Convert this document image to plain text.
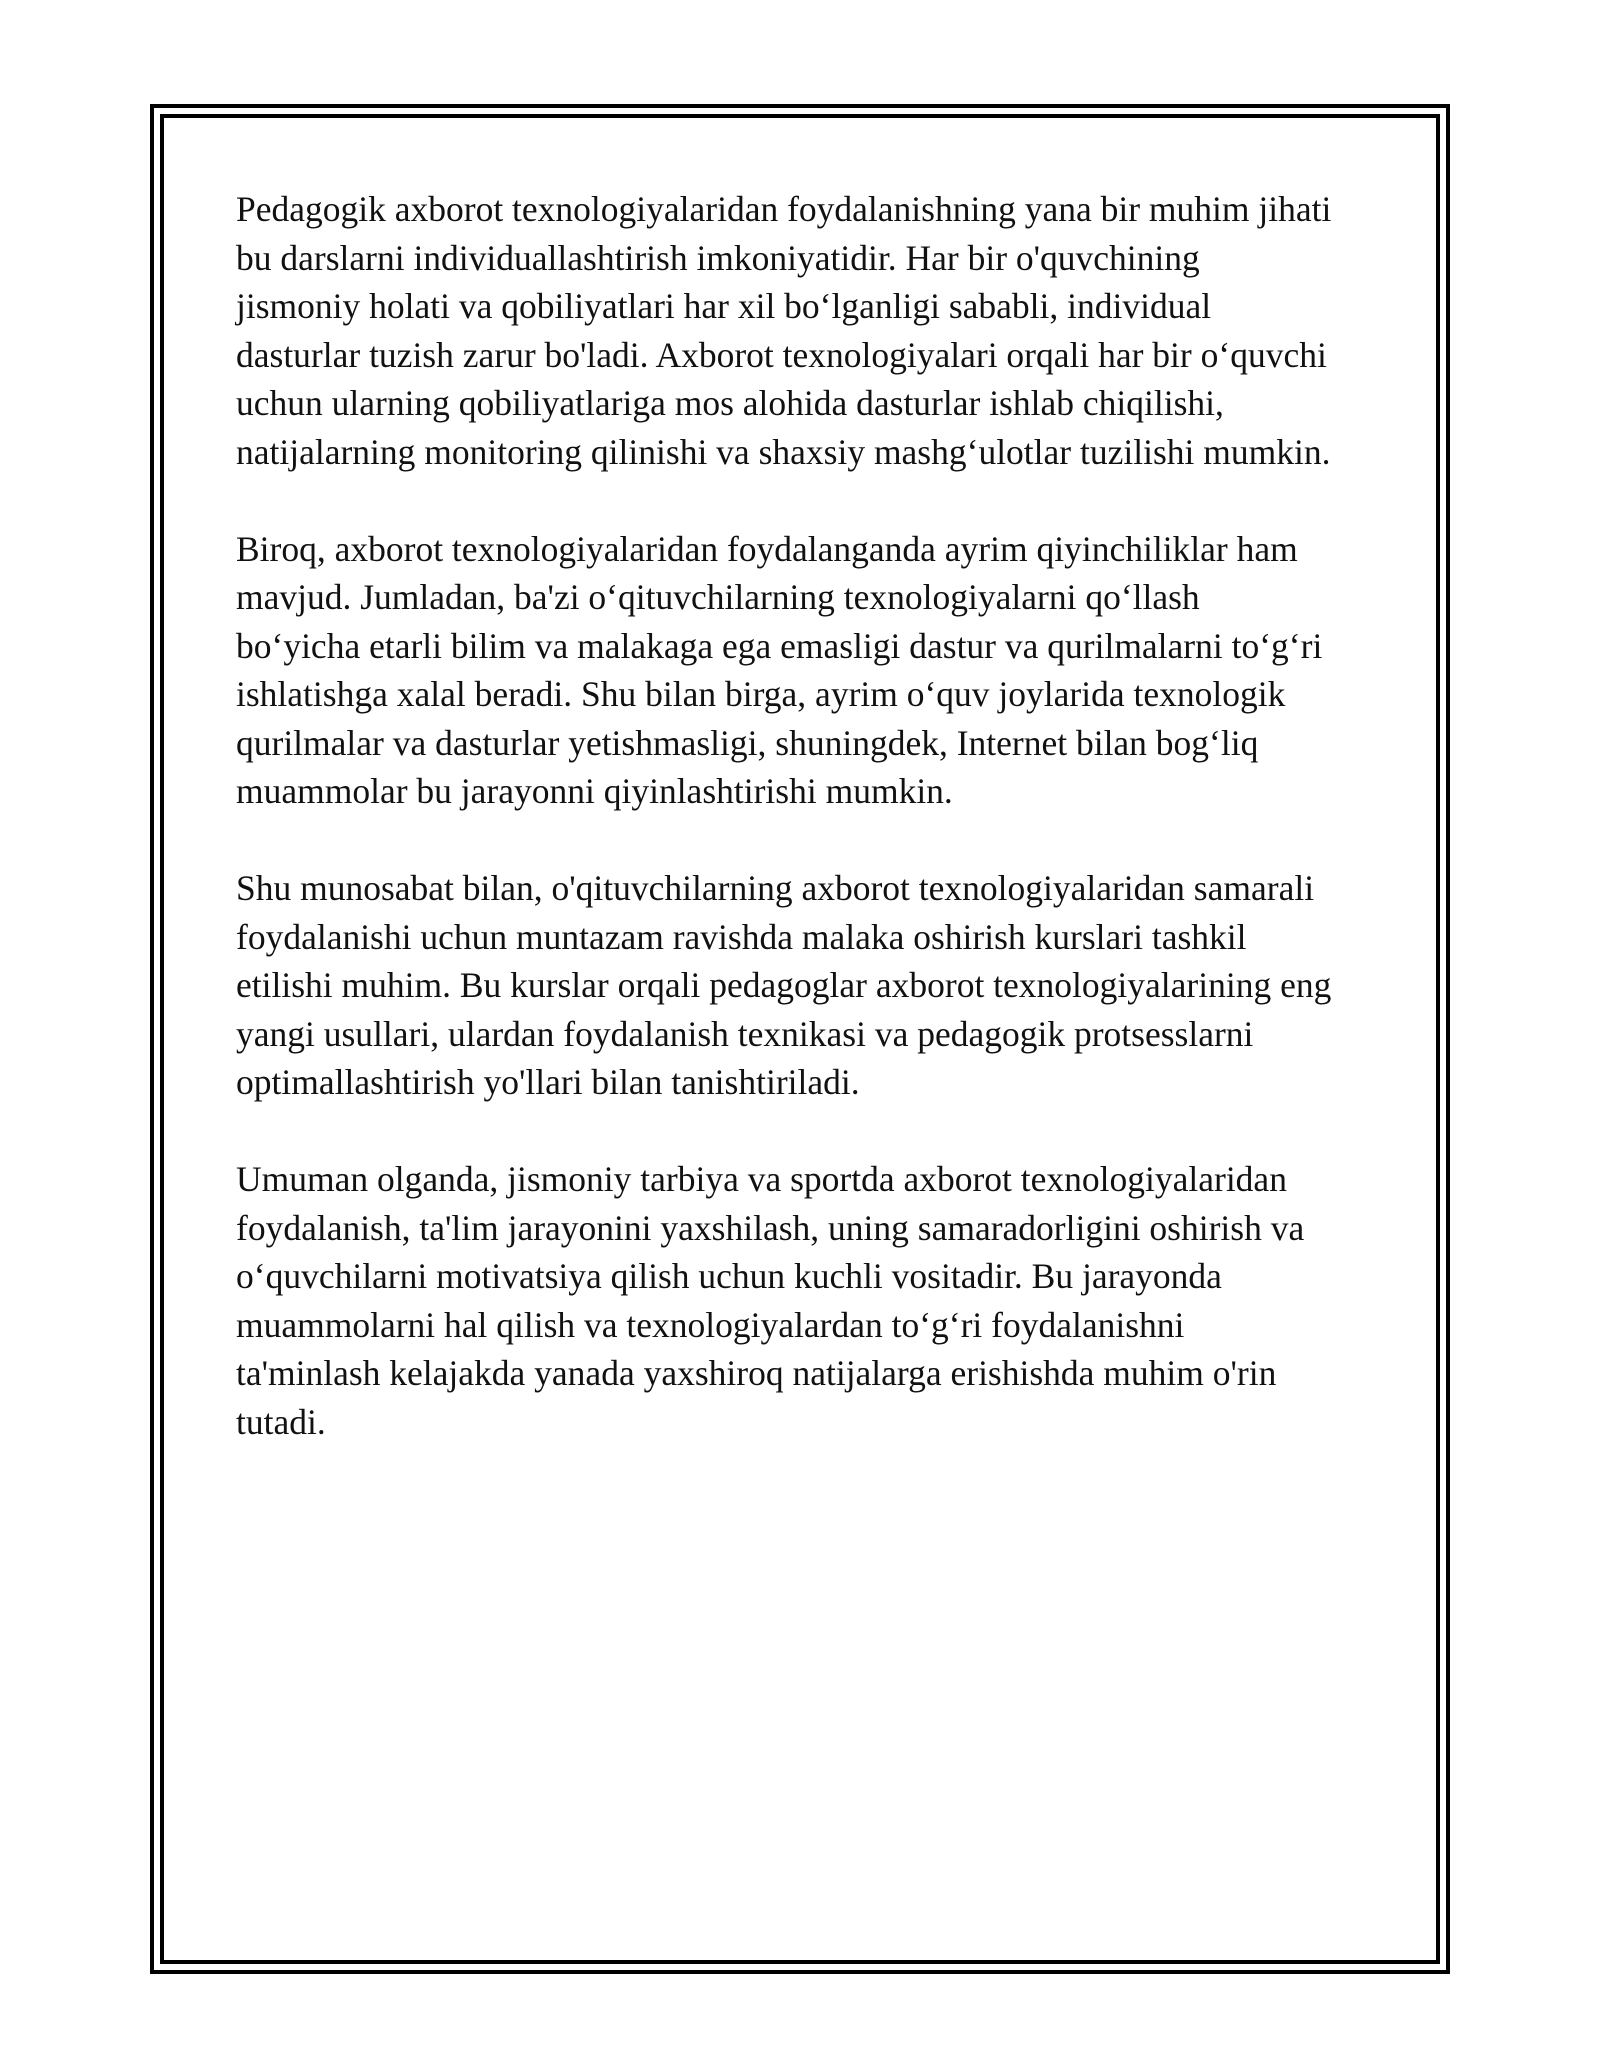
Pedagogik axborot texnologiyalaridan foydalanishning yana bir muhim jihati
bu darslarni individuallashtirish imkoniyatidir. Har bir o'quvchining
jismoniy holati va qobiliyatlari har xil bo‘lganligi sababli, individual
dasturlar tuzish zarur bo'ladi. Axborot texnologiyalari orqali har bir o‘quvchi
uchun ularning qobiliyatlariga mos alohida dasturlar ishlab chiqilishi,
natijalarning monitoring qilinishi va shaxsiy mashg‘ulotlar tuzilishi mumkin.

Biroq, axborot texnologiyalaridan foydalanganda ayrim qiyinchiliklar ham
mavjud. Jumladan, ba'zi o‘qituvchilarning texnologiyalarni qo‘llash
bo‘yicha etarli bilim va malakaga ega emasligi dastur va qurilmalarni to‘g‘ri
ishlatishga xalal beradi. Shu bilan birga, ayrim o‘quv joylarida texnologik
qurilmalar va dasturlar yetishmasligi, shuningdek, Internet bilan bog‘liq
muammolar bu jarayonni qiyinlashtirishi mumkin.

Shu munosabat bilan, o'qituvchilarning axborot texnologiyalaridan samarali
foydalanishi uchun muntazam ravishda malaka oshirish kurslari tashkil
etilishi muhim. Bu kurslar orqali pedagoglar axborot texnologiyalarining eng
yangi usullari, ulardan foydalanish texnikasi va pedagogik protsesslarni
optimallashtirish yo'llari bilan tanishtiriladi.

Umuman olganda, jismoniy tarbiya va sportda axborot texnologiyalaridan
foydalanish, ta'lim jarayonini yaxshilash, uning samaradorligini oshirish va
o‘quvchilarni motivatsiya qilish uchun kuchli vositadir. Bu jarayonda
muammolarni hal qilish va texnologiyalardan to‘g‘ri foydalanishni
ta'minlash kelajakda yanada yaxshiroq natijalarga erishishda muhim o'rin
tutadi.
